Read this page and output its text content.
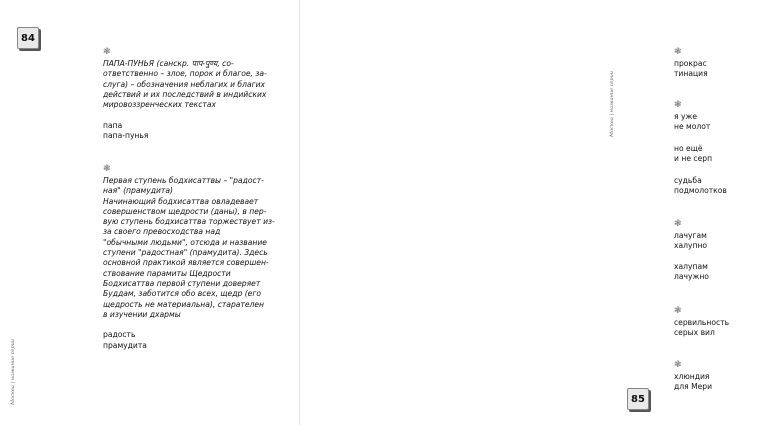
84
Москва | название серии
❃

ПАПА-ПУНЬЯ (санскр. पाप-पुण्य, со-

ответственно – злое, порок и благое, за-

слуга) – обозначения неблагих и благих

действий и их последствий в индийских

мировоззренческих текстах

папа

папа-пунья

❃

Первая ступень бодхисаттвы – "радост-

ная" (прамудита)

Начинающий бодхисаттва овладевает

совершенством щедрости (даны), в пер-

вую ступень бодхисаттва торжествует из-

за своего превосходства над

"обычными людьми", отсюда и название

ступени "радостная" (прамудита). Здесь

основной практикой является совершен-

ствование парамиты Щедрости

Бодхисаттва первой ступени доверяет

Буддам, заботится обо всех, щедр (его

щедрость не материальна), старателен

в изучении дхармы

радость

прамудита

85
Москва | название серии
❃

прокрас

тинация

❃

я уже

не молот

но ещё

и не серп

судьба

подмолотков

❃

лачугам

халупно

халупам

лачужно

❃

сервильность

серых вил

❃

хлюндия

для Мери
